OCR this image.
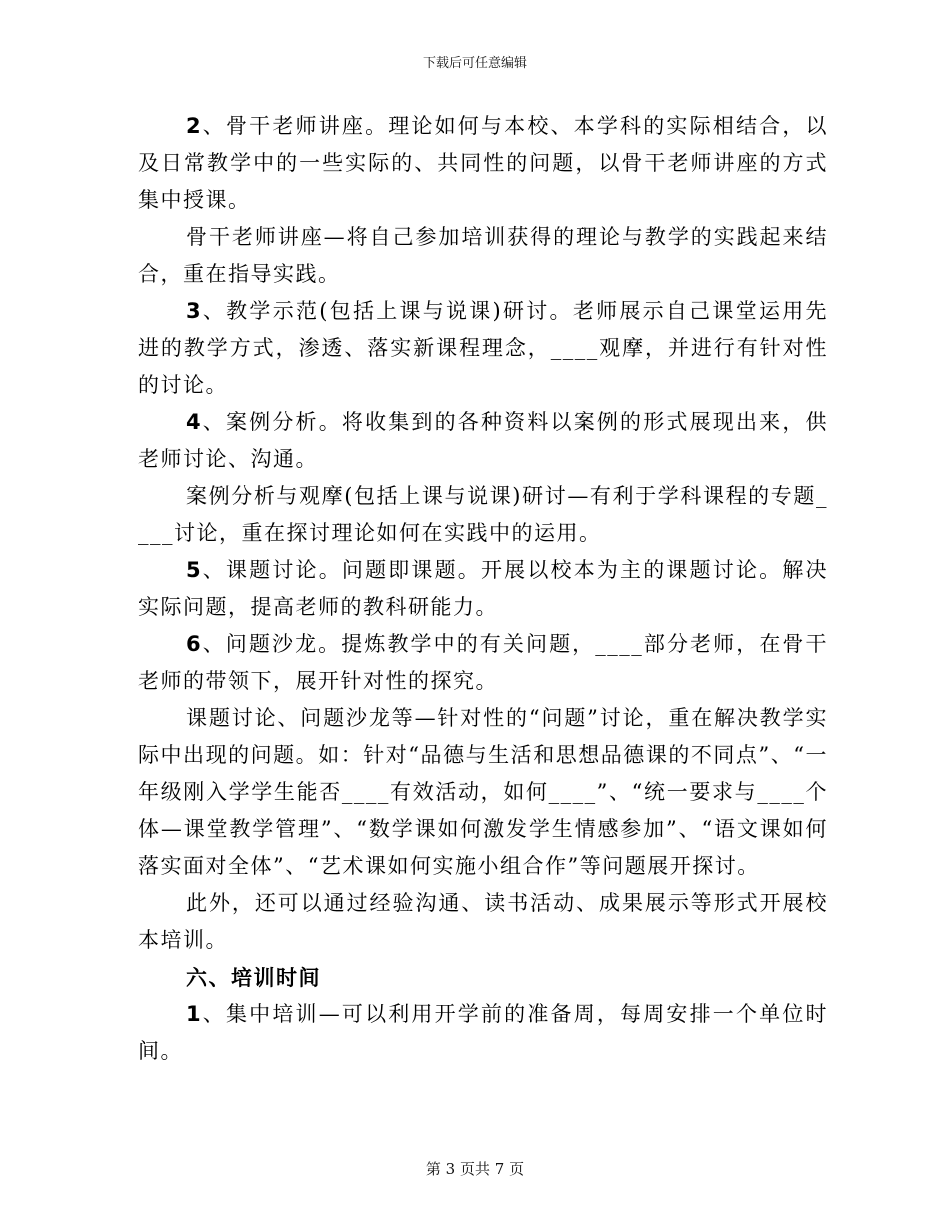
下载后可任意编辑

2、骨干老师讲座。理论如何与本校、本学科的实际相结合，以及日常教学中的一些实际的、共同性的问题，以骨干老师讲座的方式集中授课。

骨干老师讲座—将自己参加培训获得的理论与教学的实践起来结合，重在指导实践。

3、教学示范(包括上课与说课)研讨。老师展示自己课堂运用先进的教学方式，渗透、落实新课程理念，____观摩，并进行有针对性的讨论。

4、案例分析。将收集到的各种资料以案例的形式展现出来，供老师讨论、沟通。

案例分析与观摩(包括上课与说课)研讨—有利于学科课程的专题____讨论，重在探讨理论如何在实践中的运用。

5、课题讨论。问题即课题。开展以校本为主的课题讨论。解决实际问题，提高老师的教科研能力。

6、问题沙龙。提炼教学中的有关问题，____部分老师，在骨干老师的带领下，展开针对性的探究。

课题讨论、问题沙龙等—针对性的“问题”讨论，重在解决教学实际中出现的问题。如：针对“品德与生活和思想品德课的不同点”、“一年级刚入学学生能否____有效活动，如何____”、“统一要求与____个体—课堂教学管理”、“数学课如何激发学生情感参加”、“语文课如何落实面对全体”、“艺术课如何实施小组合作”等问题展开探讨。

此外，还可以通过经验沟通、读书活动、成果展示等形式开展校本培训。

六、培训时间

1、集中培训—可以利用开学前的准备周，每周安排一个单位时间。

第 3 页共 7 页
